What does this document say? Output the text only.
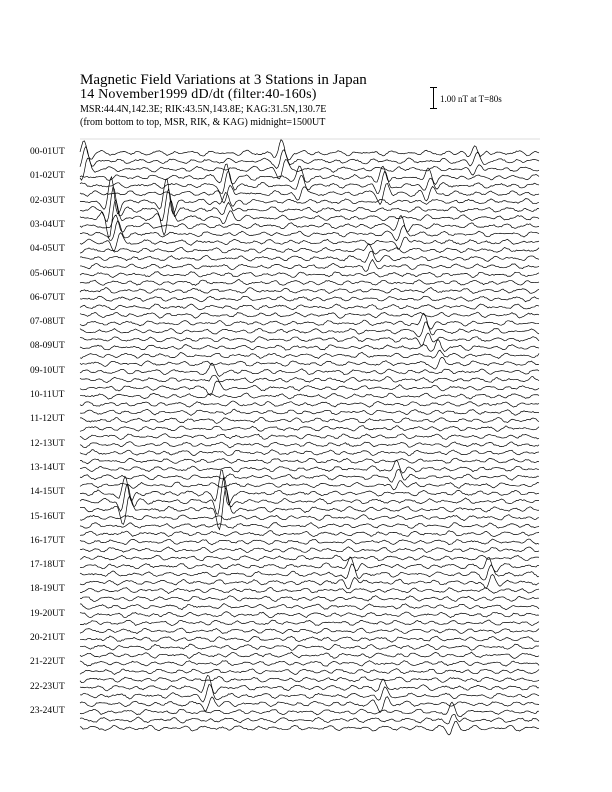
Magnetic Field Variations at 3 Stations in Japan
14 November1999 dD/dt (filter:40-160s)
MSR:44.4N,142.3E; RIK:43.5N,143.8E; KAG:31.5N,130.7E
(from bottom to top, MSR, RIK, & KAG) midnight=1500UT
1.00 nT at T=80s
00-01UT
01-02UT
02-03UT
03-04UT
04-05UT
05-06UT
06-07UT
07-08UT
08-09UT
09-10UT
10-11UT
11-12UT
12-13UT
13-14UT
14-15UT
15-16UT
16-17UT
17-18UT
18-19UT
19-20UT
20-21UT
21-22UT
22-23UT
23-24UT
